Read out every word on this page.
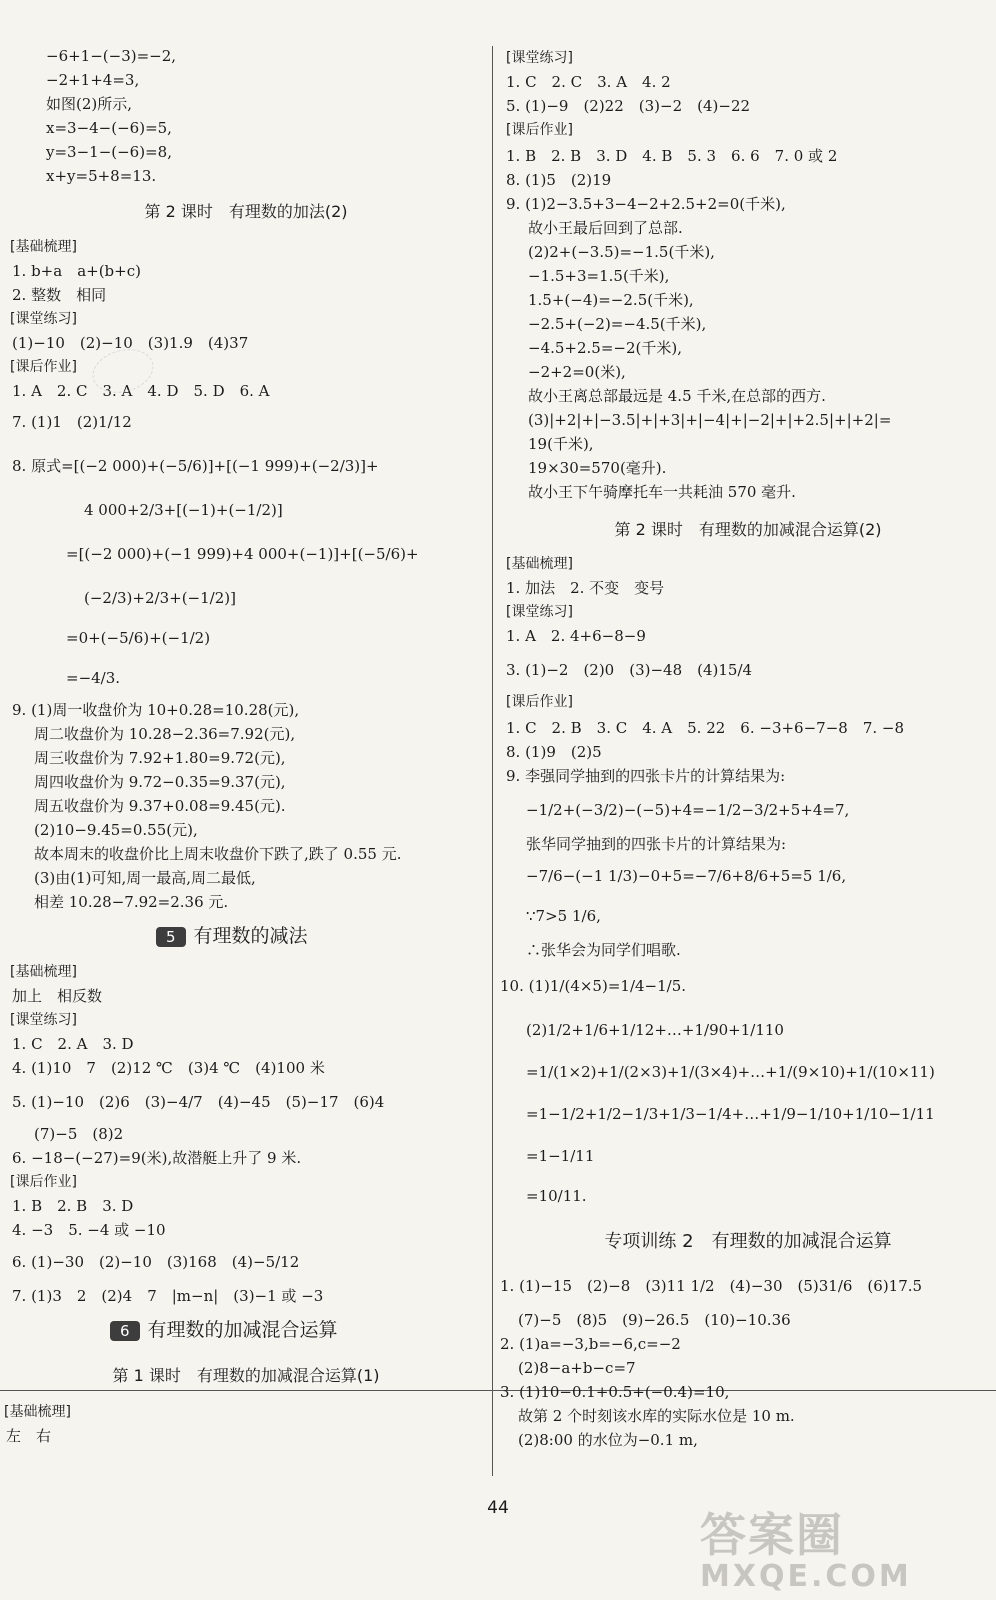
−6+1−(−3)=−2,
−2+1+4=3,
如图(2)所示,
x=3−4−(−6)=5,
y=3−1−(−6)=8,
x+y=5+8=13.
第 2 课时　有理数的加法(2)
[基础梳理]
1. b+a　a+(b+c)
2. 整数　相同
[课堂练习]
(1)−10　(2)−10　(3)1.9　(4)37
[课后作业]
1. A　2. C　3. A　4. D　5. D　6. A
7. (1)1　(2)1/12
8. 原式=[(−2 000)+(−5/6)]+[(−1 999)+(−2/3)]+
4 000+2/3+[(−1)+(−1/2)]
=[(−2 000)+(−1 999)+4 000+(−1)]+[(−5/6)+
(−2/3)+2/3+(−1/2)]
=0+(−5/6)+(−1/2)
=−4/3.
9. (1)周一收盘价为 10+0.28=10.28(元),
周二收盘价为 10.28−2.36=7.92(元),
周三收盘价为 7.92+1.80=9.72(元),
周四收盘价为 9.72−0.35=9.37(元),
周五收盘价为 9.37+0.08=9.45(元).
(2)10−9.45=0.55(元),
故本周末的收盘价比上周末收盘价下跌了,跌了 0.55 元.
(3)由(1)可知,周一最高,周二最低,
相差 10.28−7.92=2.36 元.
5 有理数的减法
[基础梳理]
加上　相反数
[课堂练习]
1. C　2. A　3. D
4. (1)10　7　(2)12 ℃　(3)4 ℃　(4)100 米
5. (1)−10　(2)6　(3)−4/7　(4)−45　(5)−17　(6)4
(7)−5　(8)2
6. −18−(−27)=9(米),故潜艇上升了 9 米.
[课后作业]
1. B　2. B　3. D
4. −3　5. −4 或 −10
6. (1)−30　(2)−10　(3)168　(4)−5/12
7. (1)3　2　(2)4　7　|m−n|　(3)−1 或 −3
6 有理数的加减混合运算
第 1 课时　有理数的加减混合运算(1)
[基础梳理]
左　右
[课堂练习]
1. C　2. C　3. A　4. 2
5. (1)−9　(2)22　(3)−2　(4)−22
[课后作业]
1. B　2. B　3. D　4. B　5. 3　6. 6　7. 0 或 2
8. (1)5　(2)19
9. (1)2−3.5+3−4−2+2.5+2=0(千米),
故小王最后回到了总部.
(2)2+(−3.5)=−1.5(千米),
−1.5+3=1.5(千米),
1.5+(−4)=−2.5(千米),
−2.5+(−2)=−4.5(千米),
−4.5+2.5=−2(千米),
−2+2=0(米),
故小王离总部最远是 4.5 千米,在总部的西方.
(3)|+2|+|−3.5|+|+3|+|−4|+|−2|+|+2.5|+|+2|=
19(千米),
19×30=570(毫升).
故小王下午骑摩托车一共耗油 570 毫升.
第 2 课时　有理数的加减混合运算(2)
[基础梳理]
1. 加法　2. 不变　变号
[课堂练习]
1. A　2. 4+6−8−9
3. (1)−2　(2)0　(3)−48　(4)15/4
[课后作业]
1. C　2. B　3. C　4. A　5. 22　6. −3+6−7−8　7. −8
8. (1)9　(2)5
9. 李强同学抽到的四张卡片的计算结果为:
−1/2+(−3/2)−(−5)+4=−1/2−3/2+5+4=7,
张华同学抽到的四张卡片的计算结果为:
−7/6−(−1 1/3)−0+5=−7/6+8/6+5=5 1/6,
∵7>5 1/6,
∴张华会为同学们唱歌.
10. (1)1/(4×5)=1/4−1/5.
(2)1/2+1/6+1/12+…+1/90+1/110
=1/(1×2)+1/(2×3)+1/(3×4)+…+1/(9×10)+1/(10×11)
=1−1/2+1/2−1/3+1/3−1/4+…+1/9−1/10+1/10−1/11
=1−1/11
=10/11.
专项训练 2　有理数的加减混合运算
1. (1)−15　(2)−8　(3)11 1/2　(4)−30　(5)31/6　(6)17.5
(7)−5　(8)5　(9)−26.5　(10)−10.36
2. (1)a=−3,b=−6,c=−2
(2)8−a+b−c=7
3. (1)10−0.1+0.5+(−0.4)=10,
故第 2 个时刻该水库的实际水位是 10 m.
(2)8:00 的水位为−0.1 m,
44	答案圈
MXQE.COM
